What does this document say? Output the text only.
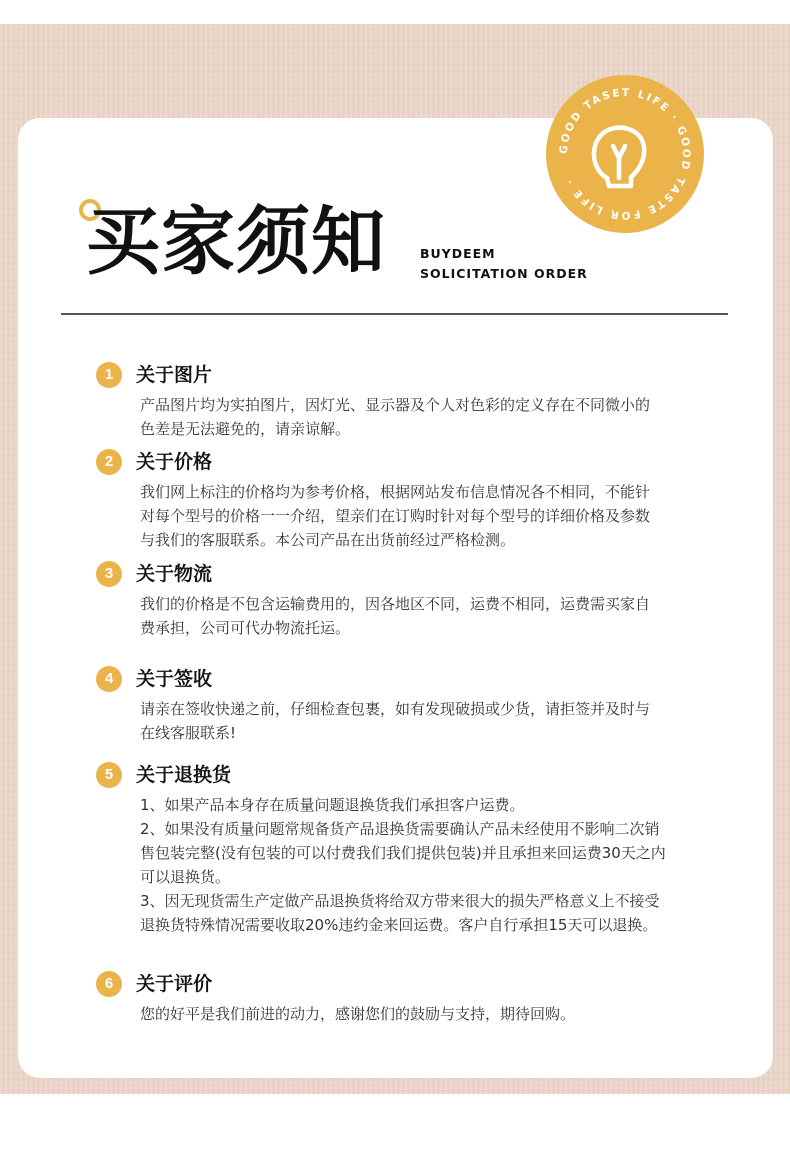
GOOD TASET LIFE · GOOD TASTE FOR LIFE ·
买家须知	BUYDEEM
SOLICITATION ORDER
1	关于图片
产品图片均为实拍图片，因灯光、显示器及个人对色彩的定义存在不同微小的
色差是无法避免的，请亲谅解。
2	关于价格
我们网上标注的价格均为参考价格，根据网站发布信息情况各不相同，不能针
对每个型号的价格一一介绍，望亲们在订购时针对每个型号的详细价格及参数
与我们的客服联系。本公司产品在出货前经过严格检测。
3	关于物流
我们的价格是不包含运输费用的，因各地区不同，运费不相同，运费需买家自
费承担，公司可代办物流托运。
4	关于签收
请亲在签收快递之前，仔细检查包裹，如有发现破损或少货，请拒签并及时与
在线客服联系!
5	关于退换货
1、如果产品本身存在质量问题退换货我们承担客户运费。
2、如果没有质量问题常规备货产品退换货需要确认产品未经使用不影响二次销
售包装完整(没有包装的可以付费我们我们提供包装)并且承担来回运费30天之内
可以退换货。
3、因无现货需生产定做产品退换货将给双方带来很大的损失严格意义上不接受
退换货特殊情况需要收取20%违约金来回运费。客户自行承担15天可以退换。
6	关于评价
您的好平是我们前进的动力，感谢您们的鼓励与支持，期待回购。
